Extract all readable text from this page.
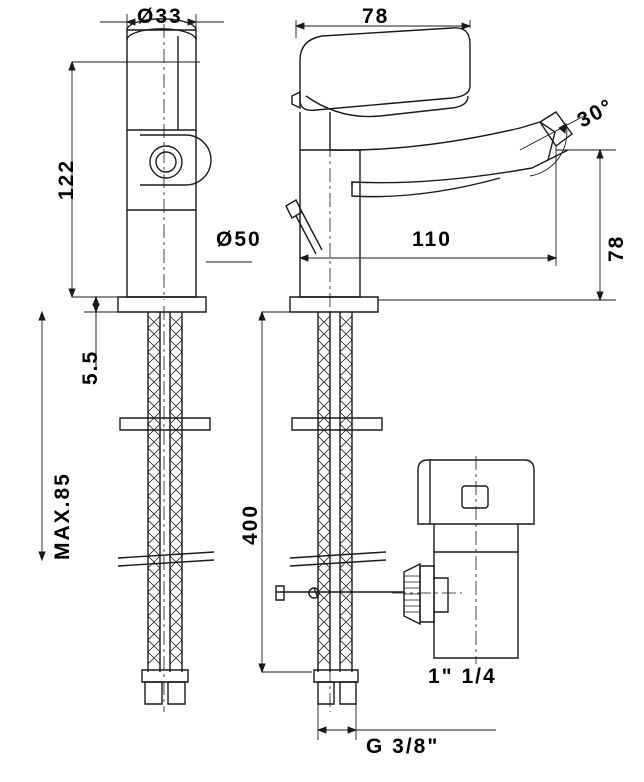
Ø33
122
Ø50
5.5
MAX.85
78
110	78
30°
400
1" 1/4
G 3/8"
